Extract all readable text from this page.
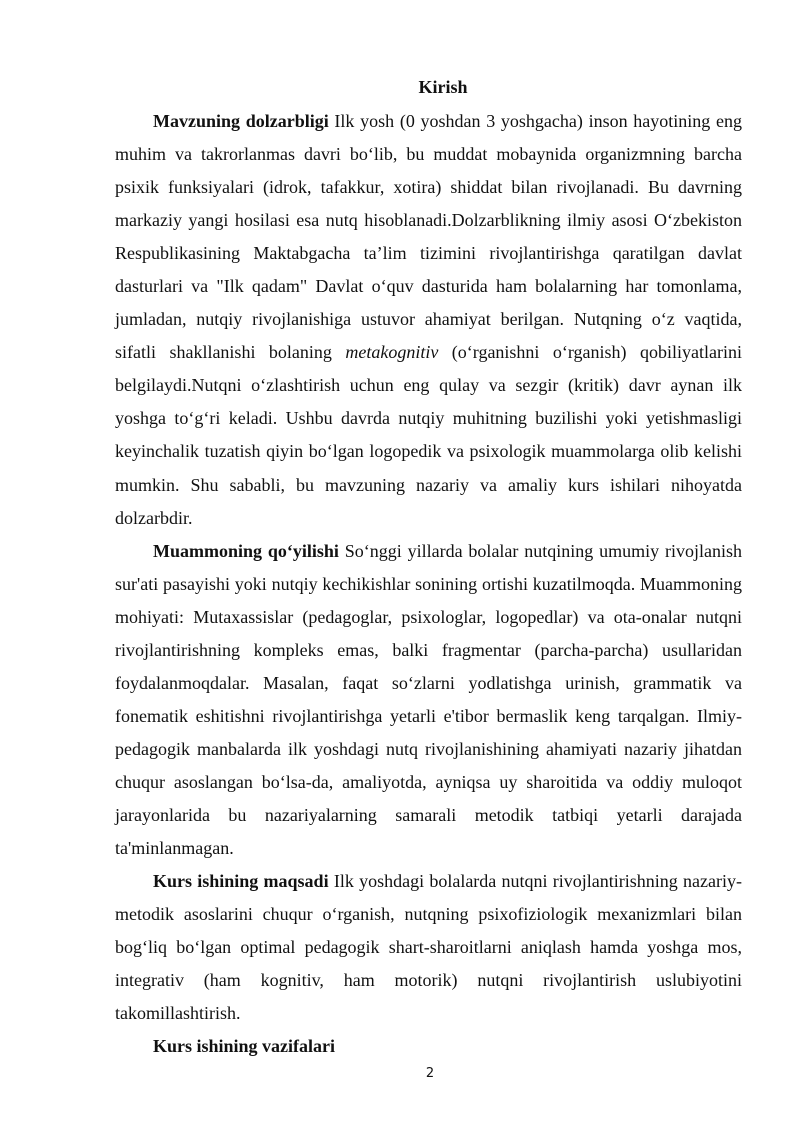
Kirish

Mavzuning dolzarbligi Ilk yosh (0 yoshdan 3 yoshgacha) inson hayotining eng muhim va takrorlanmas davri bo‘lib, bu muddat mobaynida organizmning barcha psixik funksiyalari (idrok, tafakkur, xotira) shiddat bilan rivojlanadi. Bu davrning markaziy yangi hosilasi esa nutq hisoblanadi.Dolzarblikning ilmiy asosi O‘zbekiston Respublikasining Maktabgacha ta’lim tizimini rivojlantirishga qaratilgan davlat dasturlari va "Ilk qadam" Davlat o‘quv dasturida ham bolalarning har tomonlama, jumladan, nutqiy rivojlanishiga ustuvor ahamiyat berilgan. Nutqning o‘z vaqtida, sifatli shakllanishi bolaning metakognitiv (o‘rganishni o‘rganish) qobiliyatlarini belgilaydi.Nutqni o‘zlashtirish uchun eng qulay va sezgir (kritik) davr aynan ilk yoshga to‘g‘ri keladi. Ushbu davrda nutqiy muhitning buzilishi yoki yetishmasligi keyinchalik tuzatish qiyin bo‘lgan logopedik va psixologik muammolarga olib kelishi mumkin. Shu sababli, bu mavzuning nazariy va amaliy kurs ishilari nihoyatda dolzarbdir.

Muammoning qo‘yilishi So‘nggi yillarda bolalar nutqining umumiy rivojlanish sur'ati pasayishi yoki nutqiy kechikishlar sonining ortishi kuzatilmoqda. Muammoning mohiyati: Mutaxassislar (pedagoglar, psixologlar, logopedlar) va ota-onalar nutqni rivojlantirishning kompleks emas, balki fragmentar (parcha-parcha) usullaridan foydalanmoqdalar. Masalan, faqat so‘zlarni yodlatishga urinish, grammatik va fonematik eshitishni rivojlantirishga yetarli e'tibor bermaslik keng tarqalgan. Ilmiy-pedagogik manbalarda ilk yoshdagi nutq rivojlanishining ahamiyati nazariy jihatdan chuqur asoslangan bo‘lsa-da, amaliyotda, ayniqsa uy sharoitida va oddiy muloqot jarayonlarida bu nazariyalarning samarali metodik tatbiqi yetarli darajada ta'minlanmagan.

Kurs ishining maqsadi Ilk yoshdagi bolalarda nutqni rivojlantirishning nazariy-metodik asoslarini chuqur o‘rganish, nutqning psixofiziologik mexanizmlari bilan bog‘liq bo‘lgan optimal pedagogik shart-sharoitlarni aniqlash hamda yoshga mos, integrativ (ham kognitiv, ham motorik) nutqni rivojlantirish uslubiyotini takomillashtirish.

Kurs ishining vazifalari

2
